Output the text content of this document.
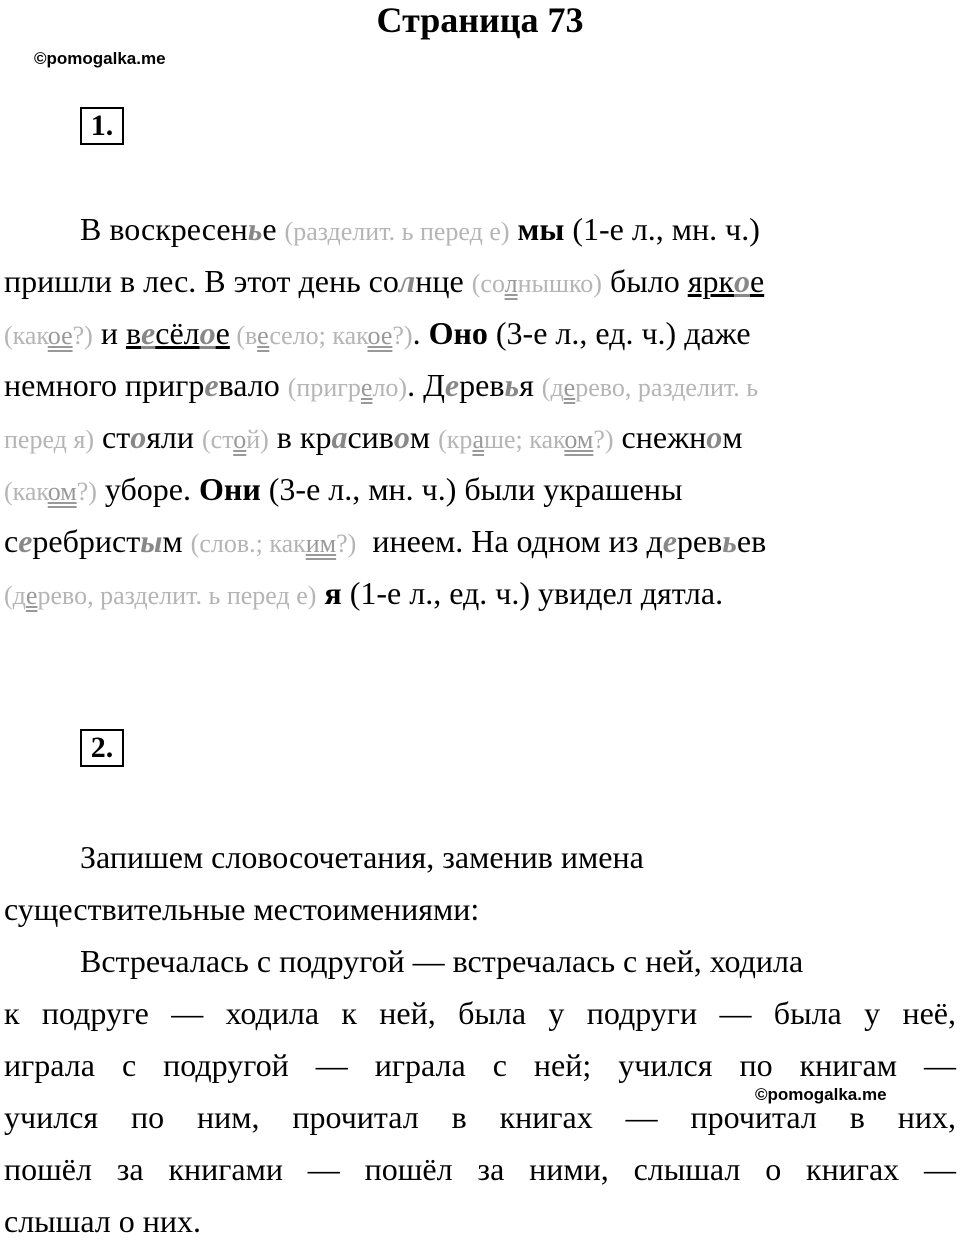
Страница 73
©pomogalka.me
1.
В воскресенье (разделит. ь перед е) мы (1-е л., мн. ч.)
пришли в лес. В этот день солнце (солнышко) было яркое
(какое?) и весёлое (весело; какое?). Оно (3-е л., ед. ч.) даже
немного пригревало (пригрело). Деревья (дерево, разделит. ь
перед я) стояли (стой) в красивом (краше; каком?) снежном
(каком?) уборе. Они (3-е л., мн. ч.) были украшены
серебристым (слов.; каким?)  инеем. На одном из деревьев
(дерево, разделит. ь перед е) я (1-е л., ед. ч.) увидел дятла.
2.
Запишем словосочетания, заменив имена
существительные местоимениями:
Встречалась с подругой — встречалась с ней, ходила
к подруге — ходила к ней, была у подруги — была у неё,
играла с подругой — играла с ней; учился по книгам —
учился по ним, прочитал в книгах — прочитал в них,
пошёл за книгами — пошёл за ними, слышал о книгах —
слышал о них.
©pomogalka.me
